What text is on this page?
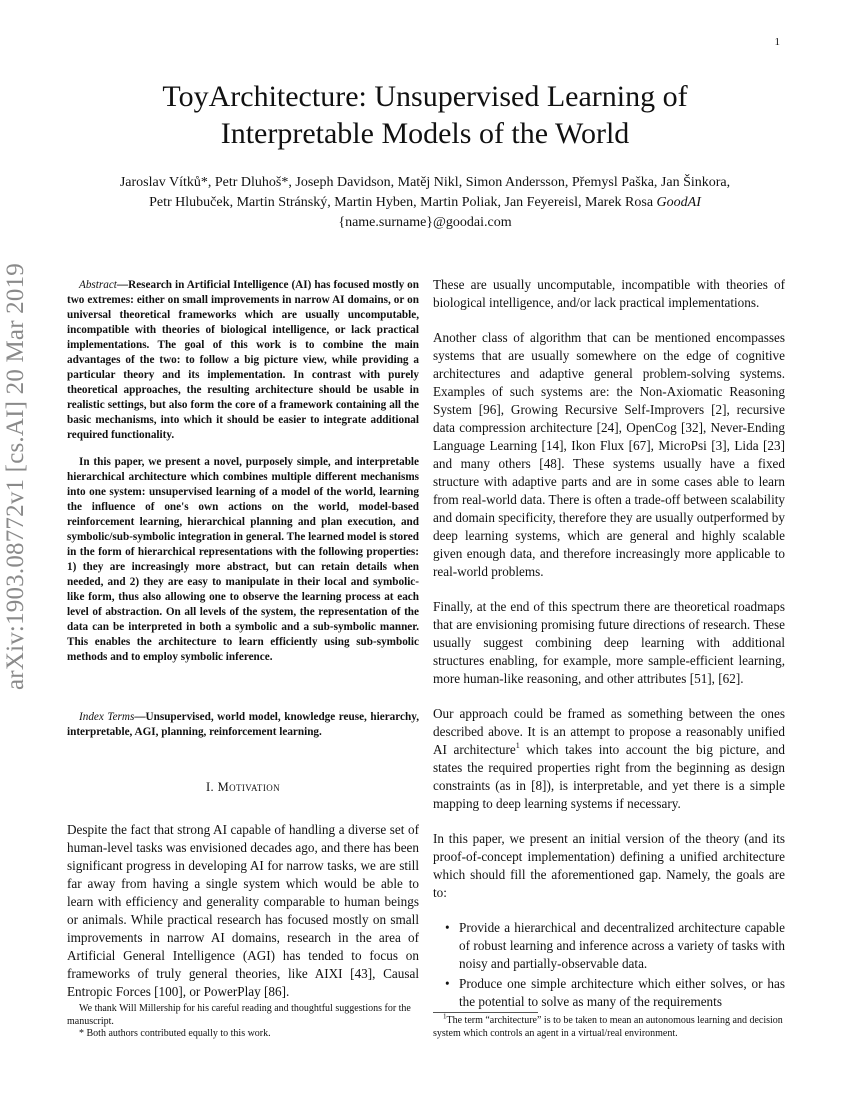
1
arXiv:1903.08772v1 [cs.AI] 20 Mar 2019
ToyArchitecture: Unsupervised Learning of
Interpretable Models of the World
Jaroslav Vítků*, Petr Dluhoš*, Joseph Davidson, Matěj Nikl, Simon Andersson, Přemysl Paška, Jan Šinkora,
Petr Hlubuček, Martin Stránský, Martin Hyben, Martin Poliak, Jan Feyereisl, Marek Rosa GoodAI
{name.surname}@goodai.com

Abstract—Research in Artificial Intelligence (AI) has focused mostly on two extremes: either on small improvements in narrow AI domains, or on universal theoretical frameworks which are usually uncomputable, incompatible with theories of biological intelligence, or lack practical implementations. The goal of this work is to combine the main advantages of the two: to follow a big picture view, while providing a particular theory and its implementation. In contrast with purely theoretical approaches, the resulting architecture should be usable in realistic settings, but also form the core of a framework containing all the basic mechanisms, into which it should be easier to integrate additional required functionality.

In this paper, we present a novel, purposely simple, and interpretable hierarchical architecture which combines multiple different mechanisms into one system: unsupervised learning of a model of the world, learning the influence of one's own actions on the world, model-based reinforcement learning, hierarchical planning and plan execution, and symbolic/sub-symbolic integration in general. The learned model is stored in the form of hierarchical representations with the following properties: 1) they are increasingly more abstract, but can retain details when needed, and 2) they are easy to manipulate in their local and symbolic-like form, thus also allowing one to observe the learning process at each level of abstraction. On all levels of the system, the representation of the data can be interpreted in both a symbolic and a sub-symbolic manner. This enables the architecture to learn efficiently using sub-symbolic methods and to employ symbolic inference.

Index Terms—Unsupervised, world model, knowledge reuse, hierarchy, interpretable, AGI, planning, reinforcement learning.
I. Motivation

Despite the fact that strong AI capable of handling a diverse set of human-level tasks was envisioned decades ago, and there has been significant progress in developing AI for narrow tasks, we are still far away from having a single system which would be able to learn with efficiency and generality comparable to human beings or animals. While practical research has focused mostly on small improvements in narrow AI domains, research in the area of Artificial General Intelligence (AGI) has tended to focus on frameworks of truly general theories, like AIXI [43], Causal Entropic Forces [100], or PowerPlay [86].

These are usually uncomputable, incompatible with theories of biological intelligence, and/or lack practical implementations.

Another class of algorithm that can be mentioned encompasses systems that are usually somewhere on the edge of cognitive architectures and adaptive general problem-solving systems. Examples of such systems are: the Non-Axiomatic Reasoning System [96], Growing Recursive Self-Improvers [2], recursive data compression architecture [24], OpenCog [32], Never-Ending Language Learning [14], Ikon Flux [67], MicroPsi [3], Lida [23] and many others [48]. These systems usually have a fixed structure with adaptive parts and are in some cases able to learn from real-world data. There is often a trade-off between scalability and domain specificity, therefore they are usually outperformed by deep learning systems, which are general and highly scalable given enough data, and therefore increasingly more applicable to real-world problems.

Finally, at the end of this spectrum there are theoretical roadmaps that are envisioning promising future directions of research. These usually suggest combining deep learning with additional structures enabling, for example, more sample-efficient learning, more human-like reasoning, and other attributes [51], [62].

Our approach could be framed as something between the ones described above. It is an attempt to propose a reasonably unified AI architecture$^1$ which takes into account the big picture, and states the required properties right from the beginning as design constraints (as in [8]), is interpretable, and yet there is a simple mapping to deep learning systems if necessary.

In this paper, we present an initial version of the theory (and its proof-of-concept implementation) defining a unified architecture which should fill the aforementioned gap. Namely, the goals are to:

• Provide a hierarchical and decentralized architecture capable of robust learning and inference across a variety of tasks with noisy and partially-observable data.
• Produce one simple architecture which either solves, or has the potential to solve as many of the requirements

We thank Will Millership for his careful reading and thoughtful suggestions for the manuscript.

* Both authors contributed equally to this work.

$^1$The term “architecture” is to be taken to mean an autonomous learning and decision system which controls an agent in a virtual/real environment.
